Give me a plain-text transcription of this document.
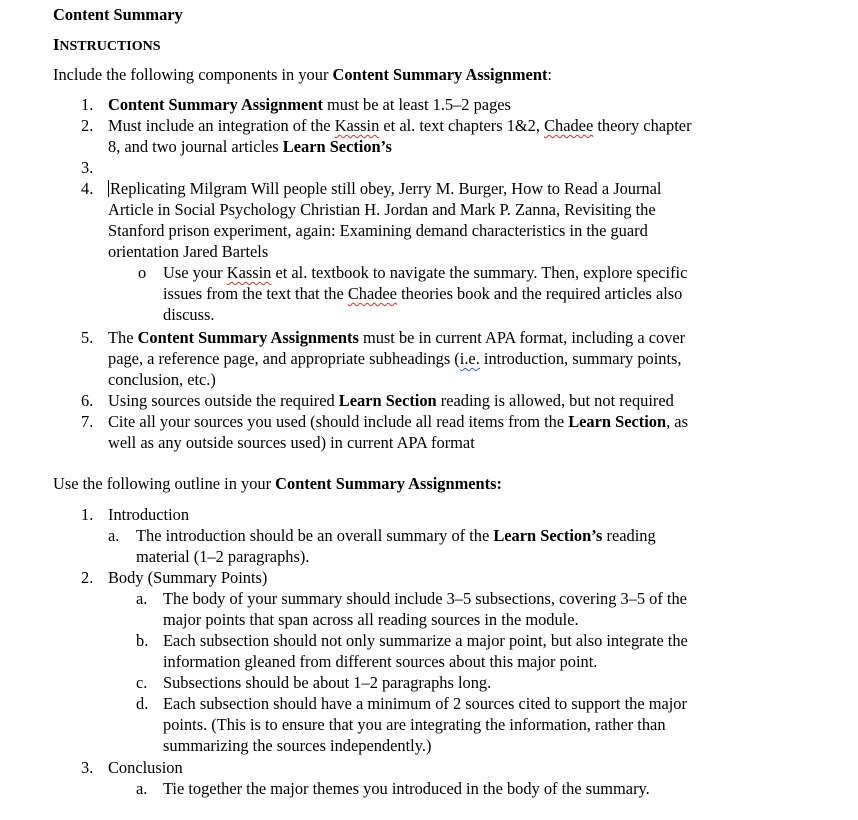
Content Summary
INSTRUCTIONS
Include the following components in your Content Summary Assignment:
1. Content Summary Assignment must be at least 1.5–2 pages
2. Must include an integration of the Kassin et al. text chapters 1&2, Chadee theory chapter
8, and two journal articles Learn Section’s
3.
4. Replicating Milgram Will people still obey, Jerry M. Burger, How to Read a Journal
Article in Social Psychology Christian H. Jordan and Mark P. Zanna, Revisiting the
Stanford prison experiment, again: Examining demand characteristics in the guard
orientation Jared Bartels
o Use your Kassin et al. textbook to navigate the summary. Then, explore specific
issues from the text that the Chadee theories book and the required articles also
discuss.
5. The Content Summary Assignments must be in current APA format, including a cover
page, a reference page, and appropriate subheadings (i.e. introduction, summary points,
conclusion, etc.)
6. Using sources outside the required Learn Section reading is allowed, but not required
7. Cite all your sources you used (should include all read items from the Learn Section, as
well as any outside sources used) in current APA format
Use the following outline in your Content Summary Assignments:
1. Introduction
a. The introduction should be an overall summary of the Learn Section’s reading
material (1–2 paragraphs).
2. Body (Summary Points)
a. The body of your summary should include 3–5 subsections, covering 3–5 of the
major points that span across all reading sources in the module.
b. Each subsection should not only summarize a major point, but also integrate the
information gleaned from different sources about this major point.
c. Subsections should be about 1–2 paragraphs long.
d. Each subsection should have a minimum of 2 sources cited to support the major
points. (This is to ensure that you are integrating the information, rather than
summarizing the sources independently.)
3. Conclusion
a. Tie together the major themes you introduced in the body of the summary.
